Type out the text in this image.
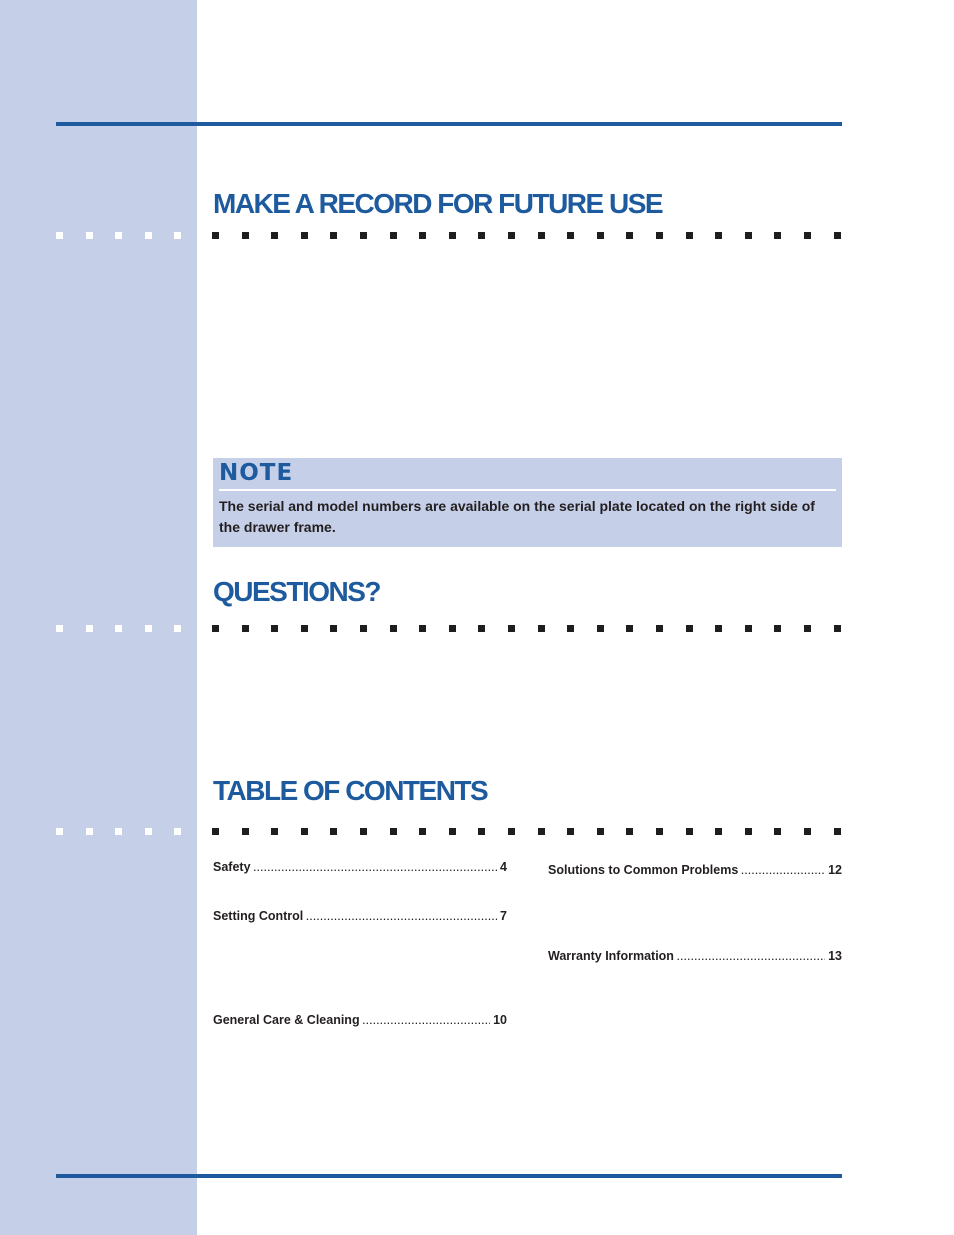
MAKE A RECORD FOR FUTURE USE
NOTE

The serial and model numbers are available on the serial plate located on the right side of the drawer frame.

QUESTIONS?
TABLE OF CONTENTS
Safety .....	4
Setting Control .....	7
General Care & Cleaning .....	10
Solutions to Common Problems .....	12
Warranty Information .....	13
